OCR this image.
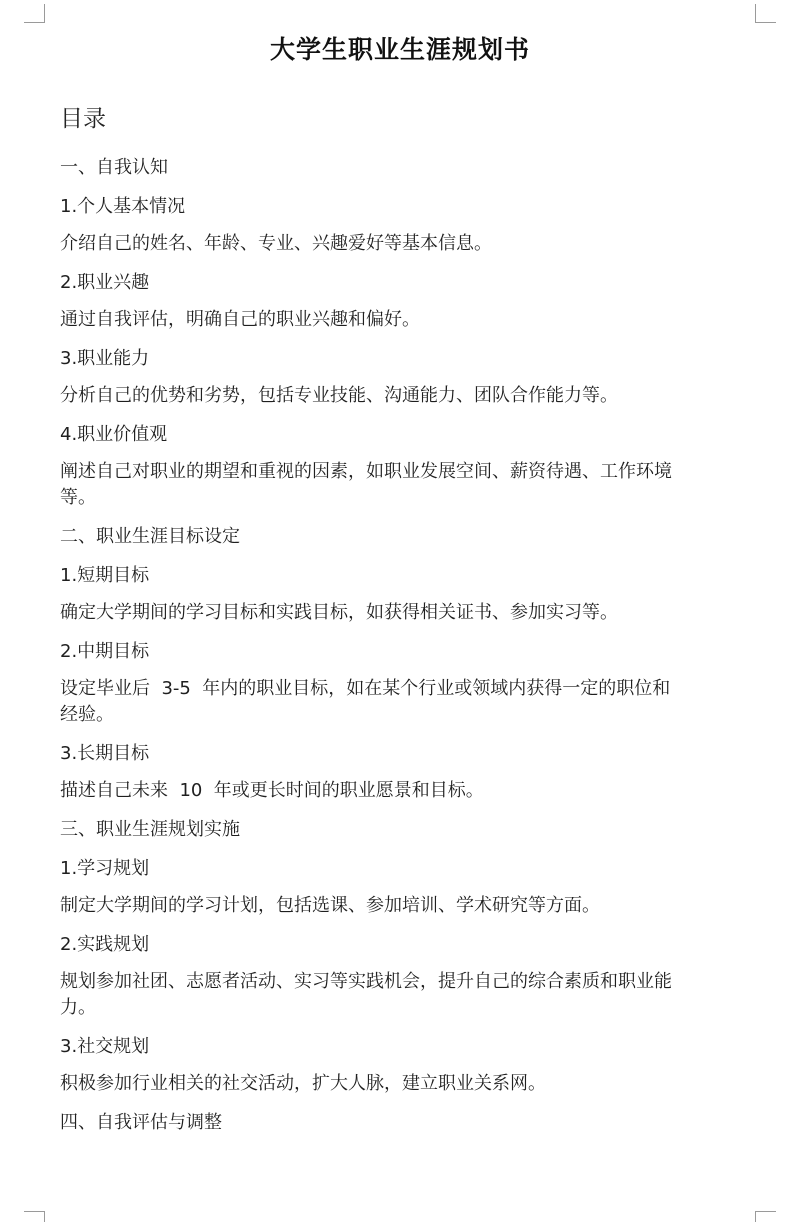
大学生职业生涯规划书
目录

一、自我认知

1.个人基本情况

介绍自己的姓名、年龄、专业、兴趣爱好等基本信息。

2.职业兴趣

通过自我评估，明确自己的职业兴趣和偏好。

3.职业能力

分析自己的优势和劣势，包括专业技能、沟通能力、团队合作能力等。

4.职业价值观

阐述自己对职业的期望和重视的因素，如职业发展空间、薪资待遇、工作环境
等。

二、职业生涯目标设定

1.短期目标

确定大学期间的学习目标和实践目标，如获得相关证书、参加实习等。

2.中期目标

设定毕业后  3-5  年内的职业目标，如在某个行业或领域内获得一定的职位和
经验。

3.长期目标

描述自己未来  10  年或更长时间的职业愿景和目标。

三、职业生涯规划实施

1.学习规划

制定大学期间的学习计划，包括选课、参加培训、学术研究等方面。

2.实践规划

规划参加社团、志愿者活动、实习等实践机会，提升自己的综合素质和职业能
力。

3.社交规划

积极参加行业相关的社交活动，扩大人脉，建立职业关系网。

四、自我评估与调整
